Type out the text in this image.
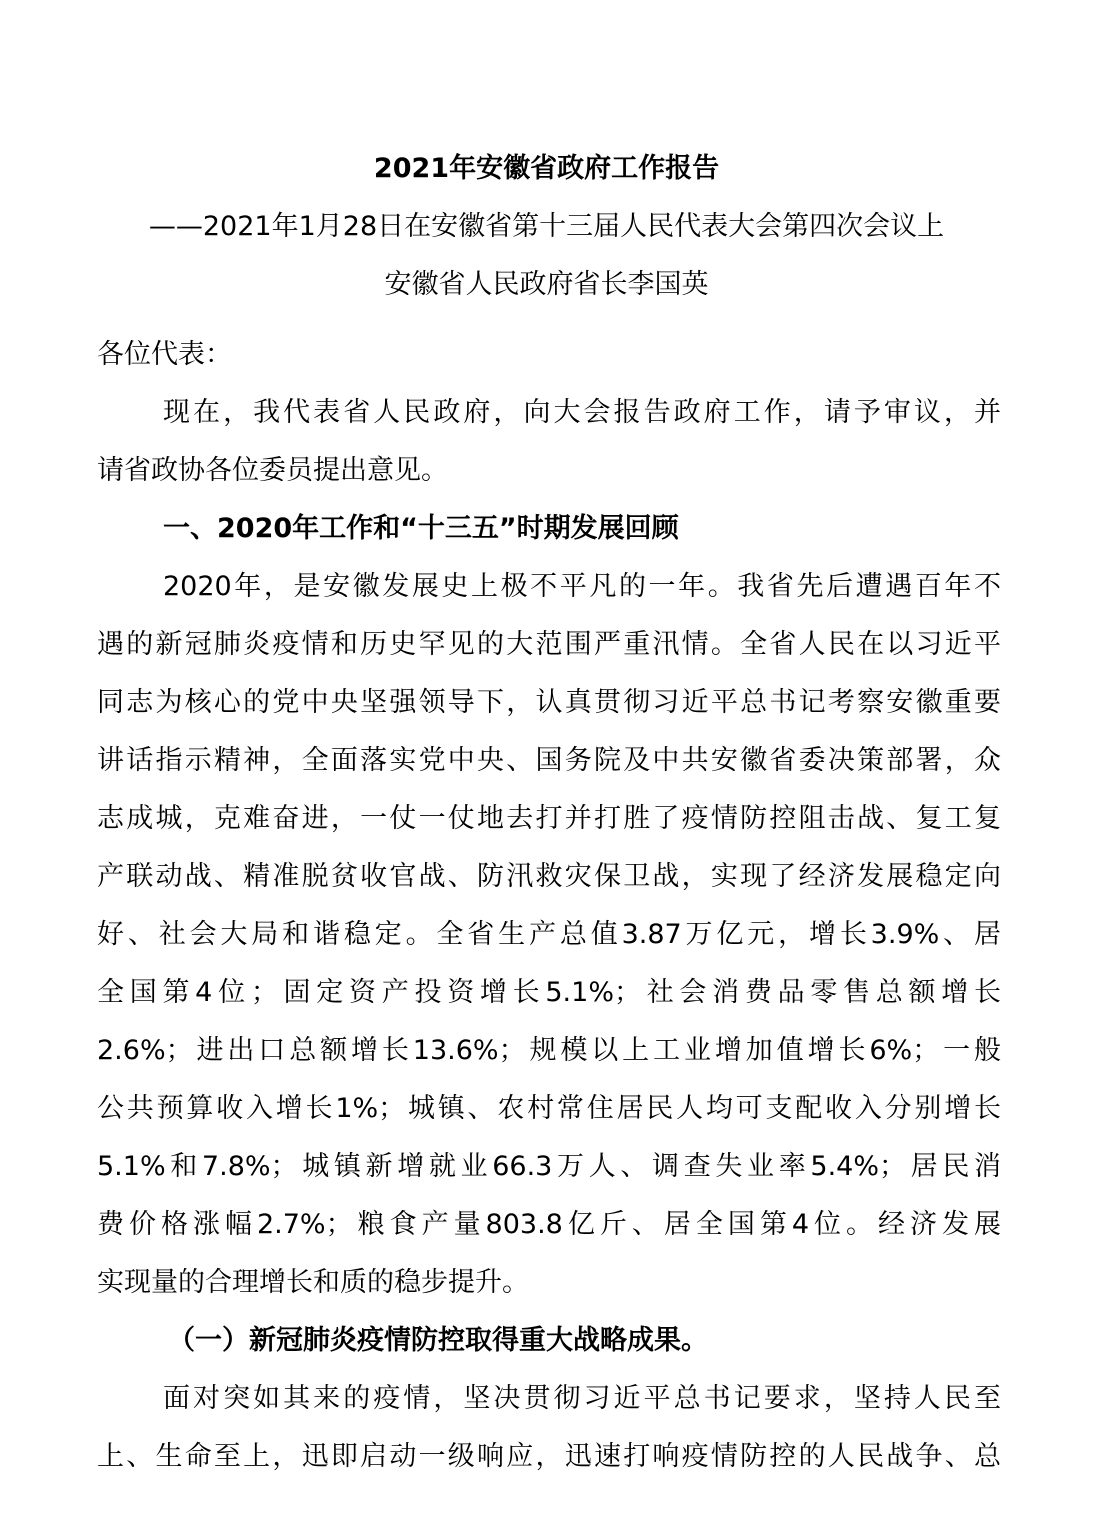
2021年安徽省政府工作报告
——2021年1月28日在安徽省第十三届人民代表大会第四次会议上
安徽省人民政府省长李国英
各位代表：
现在，我代表省人民政府，向大会报告政府工作，请予审议，并
请省政协各位委员提出意见。
一、2020年工作和“十三五”时期发展回顾
2020年，是安徽发展史上极不平凡的一年。我省先后遭遇百年不
遇的新冠肺炎疫情和历史罕见的大范围严重汛情。全省人民在以习近平
同志为核心的党中央坚强领导下，认真贯彻习近平总书记考察安徽重要
讲话指示精神，全面落实党中央、国务院及中共安徽省委决策部署，众
志成城，克难奋进，一仗一仗地去打并打胜了疫情防控阻击战、复工复
产联动战、精准脱贫收官战、防汛救灾保卫战，实现了经济发展稳定向
好、社会大局和谐稳定。全省生产总值3.87万亿元，增长3.9%、居
全国第4位；固定资产投资增长5.1%；社会消费品零售总额增长
2.6%；进出口总额增长13.6%；规模以上工业增加值增长6%；一般
公共预算收入增长1%；城镇、农村常住居民人均可支配收入分别增长
5.1%和7.8%；城镇新增就业66.3万人、调查失业率5.4%；居民消
费价格涨幅2.7%；粮食产量803.8亿斤、居全国第4位。经济发展
实现量的合理增长和质的稳步提升。
（一）新冠肺炎疫情防控取得重大战略成果。
面对突如其来的疫情，坚决贯彻习近平总书记要求，坚持人民至
上、生命至上，迅即启动一级响应，迅速打响疫情防控的人民战争、总
